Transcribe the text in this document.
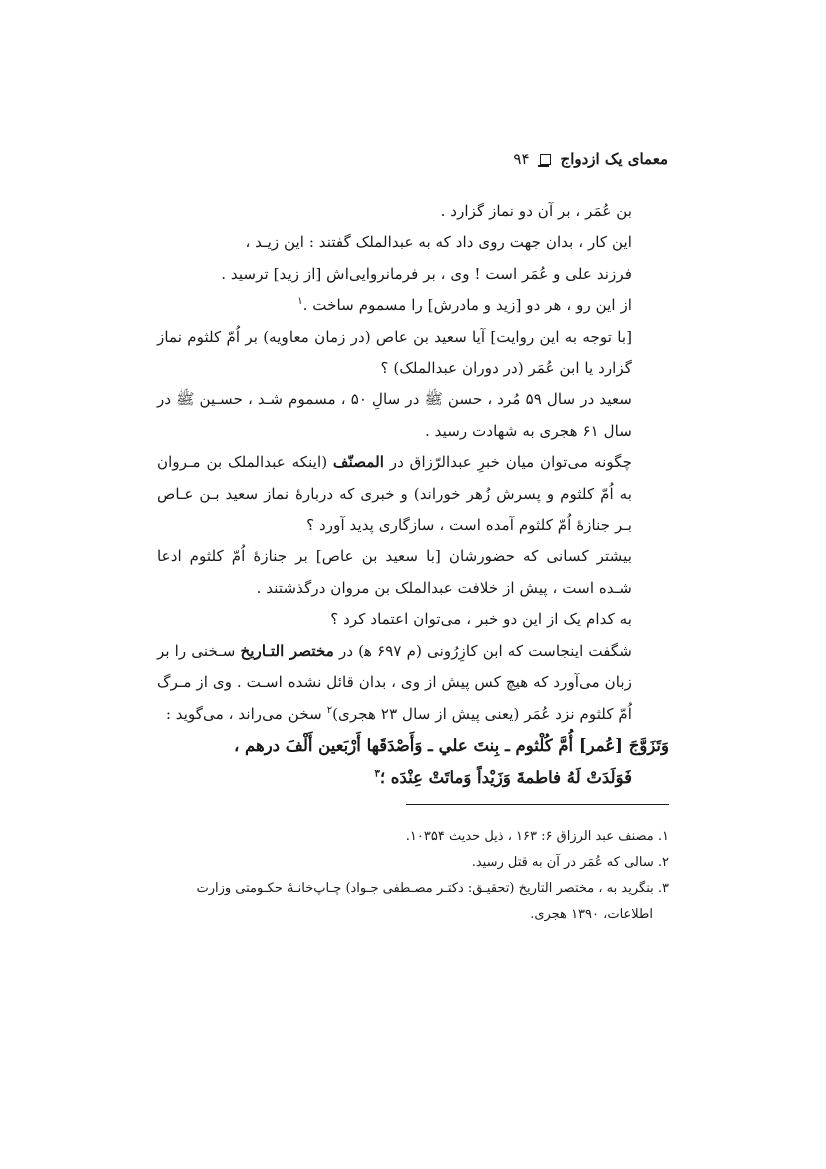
۹۴ معمای یک ازدواج

بن عُمَر ، بر آن دو نماز گزارد .

این کار ، بدان جهت روی داد که به عبدالملک گفتند : این زیـد ،

فرزند علی و عُمَر است ! وی ، بر فرمانروایی‌اش [از زید] ترسید .

از این رو ، هر دو [زید و مادرش] را مسموم ساخت .$^۱$

[با توجه به این روایت] آیا سعید بن عاص (در زمان معاویه) بر اُمّ کلثوم نماز گزارد یا ابن عُمَر (در دوران عبدالملک) ؟

سعید در سال ۵۹ مُرد ، حسن ﷺ در سالِ ۵۰ ، مسموم شـد ، حسـین ﷺ در سال ۶۱ هجری به شهادت رسید .

چگونه می‌توان میان خبرِ عبدالرّزاق در المصنّف (اینکه عبدالملک بن مـروان به اُمّ کلثوم و پسرش زُهر خوراند) و خبری که دربارهٔ نماز سعید بـن عـاص بـر جنازهٔ اُمّ کلثوم آمده است ، سازگاری پدید آورد ؟

بیشتر کسانی که حضورشان [با سعید بن عاص] بر جنازهٔ اُمّ کلثوم ادعا شـده است ، پیش از خلافت عبدالملک بن مروان درگذشتند .

به کدام یک از این دو خبر ، می‌توان اعتماد کرد ؟

شگفت اینجاست که ابن کازِرُونی (م ۶۹۷ ه‍) در مختصر التـاريخ سـخنی را بر زبان می‌آورد که هیچ کس پیش از وی ، بدان قائل نشده اسـت . وی از مـرگ اُمّ کلثوم نزد عُمَر (یعنی پیش از سال ۲۳ هجری)$^۲$ سخن می‌راند ، می‌گوید :

وَتَزَوَّجَ [عُمر] أُمَّ كُلْثوم ـ بِنتَ علي ـ وَأَصْدَقَها أَرْبَعين أَلْفَ درهم ،

فَوَلَدَتْ لَهُ فاطمةَ وَزَيْداً وَماتَتْ عِنْدَه ؛$^۳$

۱. مصنف عبد الرزاق ۶: ۱۶۳ ، ذیل حدیث ۱۰۳۵۴.

۲. سالی که عُمَر در آن به قتل رسید.

۳. بنگرید به ، مختصر التاريخ (تحقیـق: دکتـر مصـطفی جـواد) چـاپ‌خانـهٔ حکـومتی وزارت

اطلاعات، ۱۳۹۰ هجری.
